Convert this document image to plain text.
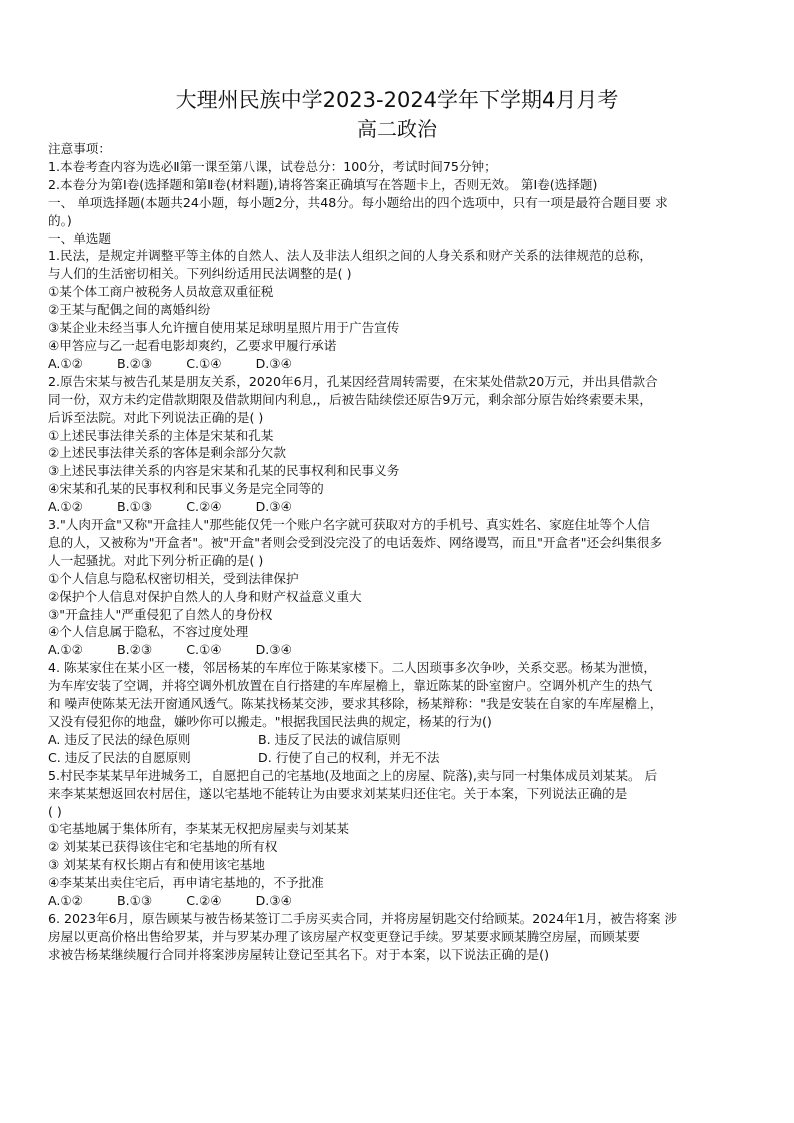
大理州民族中学2023-2024学年下学期4月月考
高二政治
注意事项：
1.本卷考查内容为选必Ⅱ第一课至第八课，试卷总分：100分，考试时间75分钟；
2.本卷分为第Ⅰ卷(选择题和第Ⅱ卷(材料题),请将答案正确填写在答题卡上，否则无效。 第Ⅰ卷(选择题)
一、 单项选择题(本题共24小题，每小题2分，共48分。每小题给出的四个选项中，只有一项是最符合题目要 求
的。)
一、单选题
1.民法，是规定并调整平等主体的自然人、法人及非法人组织之间的人身关系和财产关系的法律规范的总称，
与人们的生活密切相关。下列纠纷适用民法调整的是( )
①某个体工商户被税务人员故意双重征税
②王某与配偶之间的离婚纠纷
③某企业未经当事人允许擅自使用某足球明星照片用于广告宣传
④甲答应与乙一起看电影却爽约，乙要求甲履行承诺
A.①②	B.②③	C.①④	D.③④
2.原告宋某与被告孔某是朋友关系，2020年6月，孔某因经营周转需要，在宋某处借款20万元，并出具借款合
同一份，双方未约定借款期限及借款期间内利息,，后被告陆续偿还原告9万元，剩余部分原告始终索要未果，
后诉至法院。对此下列说法正确的是( )
①上述民事法律关系的主体是宋某和孔某
②上述民事法律关系的客体是剩余部分欠款
③上述民事法律关系的内容是宋某和孔某的民事权利和民事义务
④宋某和孔某的民事权利和民事义务是完全同等的
A.①②	B.①③	C.②④	D.③④
3."人肉开盒"又称"开盒挂人"那些能仅凭一个账户名字就可获取对方的手机号、真实姓名、家庭住址等个人信
息的人，又被称为"开盒者"。被"开盒"者则会受到没完没了的电话轰炸、网络谩骂，而且"开盒者"还会纠集很多
人一起骚扰。对此下列分析正确的是( )
①个人信息与隐私权密切相关，受到法律保护
②保护个人信息对保护自然人的人身和财产权益意义重大
③"开盒挂人"严重侵犯了自然人的身份权
④个人信息属于隐私，不容过度处理
A.①②	B.②③	C.①④	D.③④
4. 陈某家住在某小区一楼，邻居杨某的车库位于陈某家楼下。二人因琐事多次争吵，关系交恶。杨某为泄愤，
为车库安装了空调，并将空调外机放置在自行搭建的车库屋檐上，靠近陈某的卧室窗户。空调外机产生的热气
和 噪声使陈某无法开窗通风透气。陈某找杨某交涉，要求其移除，杨某辩称："我是安装在自家的车库屋檐上，
又没有侵犯你的地盘，嫌吵你可以搬走。"根据我国民法典的规定，杨某的行为()
A. 违反了民法的绿色原则	B. 违反了民法的诚信原则
C. 违反了民法的自愿原则	D. 行使了自己的权利，并无不法
5.村民李某某早年进城务工，自愿把自己的宅基地(及地面之上的房屋、院落),卖与同一村集体成员刘某某。 后
来李某某想返回农村居住，遂以宅基地不能转让为由要求刘某某归还住宅。关于本案，下列说法正确的是
( )
①宅基地属于集体所有，李某某无权把房屋卖与刘某某
② 刘某某已获得该住宅和宅基地的所有权
③ 刘某某有权长期占有和使用该宅基地
④李某某出卖住宅后，再申请宅基地的，不予批准
A.①②	B.①③	C.②④	D.③④
6. 2023年6月，原告顾某与被告杨某签订二手房买卖合同，并将房屋钥匙交付给顾某。2024年1月，被告将案 涉
房屋以更高价格出售给罗某，并与罗某办理了该房屋产权变更登记手续。罗某要求顾某腾空房屋，而顾某要
求被告杨某继续履行合同并将案涉房屋转让登记至其名下。对于本案，以下说法正确的是()
